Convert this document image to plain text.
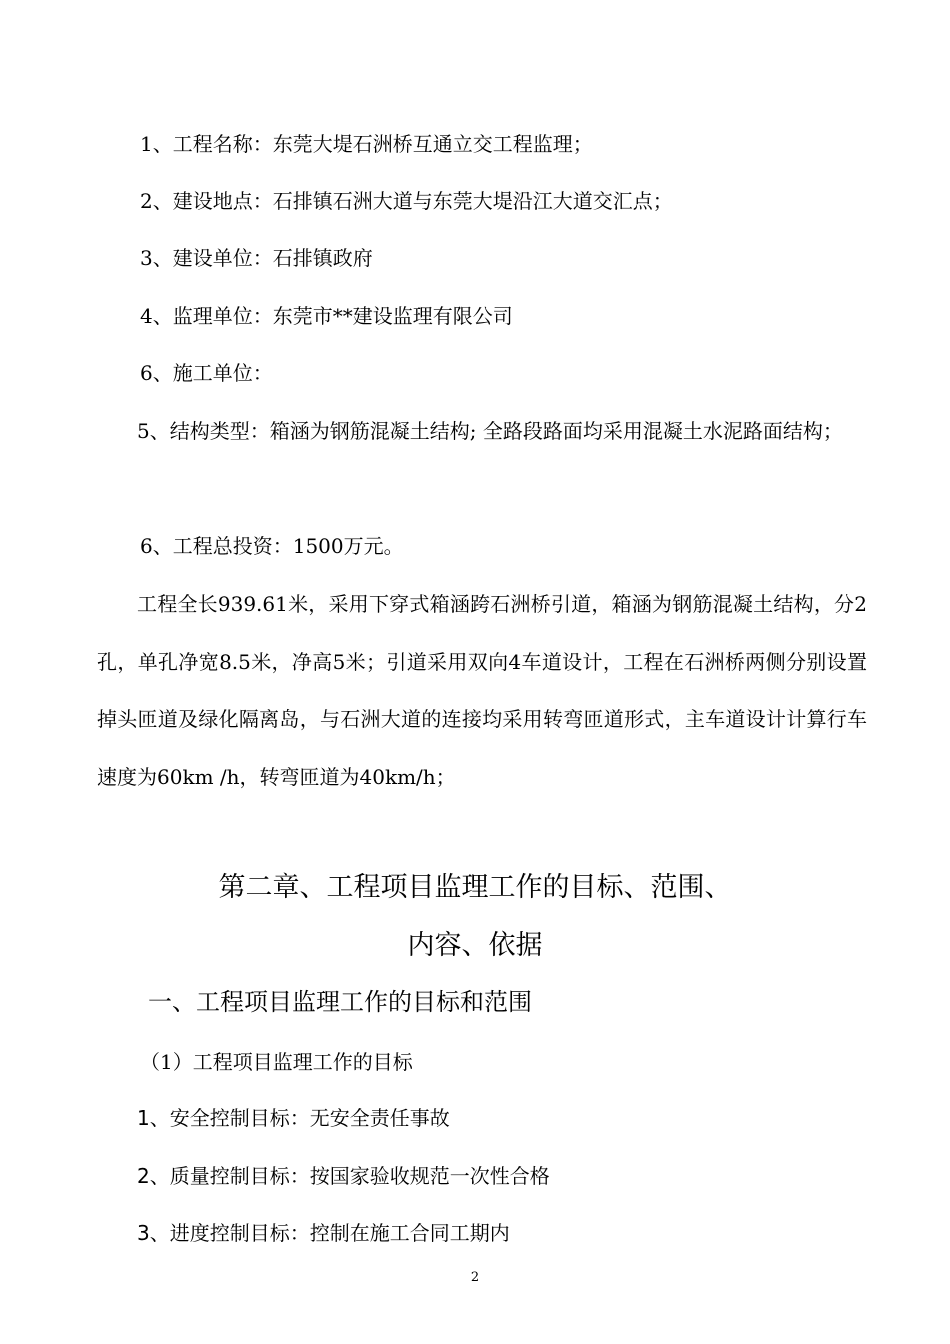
1、工程名称：东莞大堤石洲桥互通立交工程监理；
2、建设地点：石排镇石洲大道与东莞大堤沿江大道交汇点；
3、建设单位：石排镇政府
4、监理单位：东莞市**建设监理有限公司
6、施工单位：
5、结构类型：箱涵为钢筋混凝土结构; 全路段路面均采用混凝土水泥路面结构；
6、工程总投资：1500万元。
工程全长939.61米，采用下穿式箱涵跨石洲桥引道，箱涵为钢筋混凝土结构，分2孔，单孔净宽8.5米，净高5米；引道采用双向4车道设计，工程在石洲桥两侧分别设置掉头匝道及绿化隔离岛，与石洲大道的连接均采用转弯匝道形式，主车道设计计算行车速度为60km /h，转弯匝道为40km/h；
第二章、工程项目监理工作的目标、范围、
内容、依据
一、工程项目监理工作的目标和范围
（1）工程项目监理工作的目标
1、安全控制目标：无安全责任事故
2、质量控制目标：按国家验收规范一次性合格
3、进度控制目标：控制在施工合同工期内
2
